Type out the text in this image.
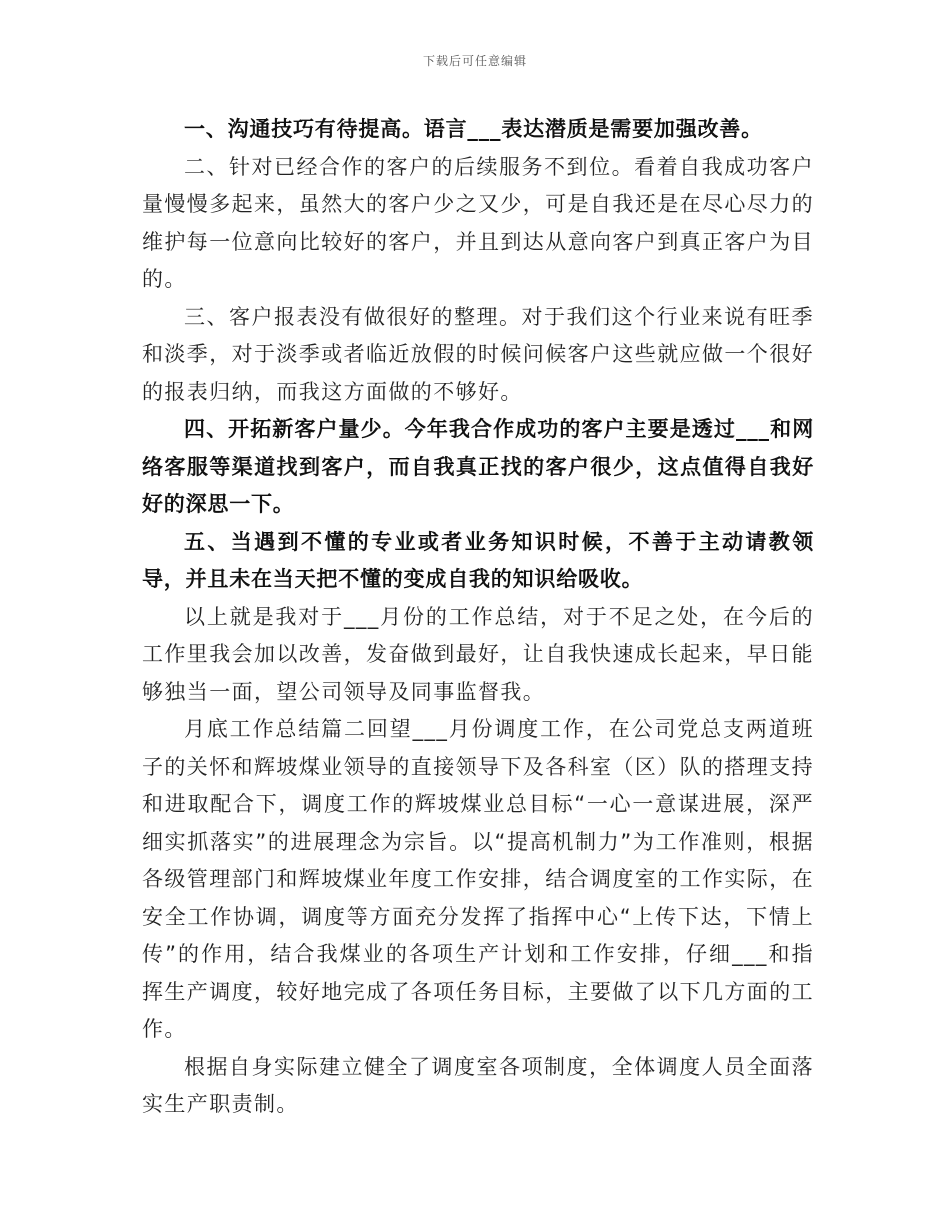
下载后可任意编辑

一、沟通技巧有待提高。语言___表达潜质是需要加强改善。

二、针对已经合作的客户的后续服务不到位。看着自我成功客户量慢慢多起来，虽然大的客户少之又少，可是自我还是在尽心尽力的维护每一位意向比较好的客户，并且到达从意向客户到真正客户为目的。

三、客户报表没有做很好的整理。对于我们这个行业来说有旺季和淡季，对于淡季或者临近放假的时候问候客户这些就应做一个很好的报表归纳，而我这方面做的不够好。

四、开拓新客户量少。今年我合作成功的客户主要是透过___和网络客服等渠道找到客户，而自我真正找的客户很少，这点值得自我好好的深思一下。

五、当遇到不懂的专业或者业务知识时候，不善于主动请教领导，并且未在当天把不懂的变成自我的知识给吸收。

以上就是我对于___月份的工作总结，对于不足之处，在今后的工作里我会加以改善，发奋做到最好，让自我快速成长起来，早日能够独当一面，望公司领导及同事监督我。

月底工作总结篇二回望___月份调度工作，在公司党总支两道班子的关怀和辉坡煤业领导的直接领导下及各科室（区）队的搭理支持和进取配合下，调度工作的辉坡煤业总目标“一心一意谋进展，深严细实抓落实”的进展理念为宗旨。以“提高机制力”为工作准则，根据各级管理部门和辉坡煤业年度工作安排，结合调度室的工作实际，在安全工作协调，调度等方面充分发挥了指挥中心“上传下达，下情上传”的作用，结合我煤业的各项生产计划和工作安排，仔细___和指挥生产调度，较好地完成了各项任务目标，主要做了以下几方面的工作。

根据自身实际建立健全了调度室各项制度，全体调度人员全面落实生产职责制。
